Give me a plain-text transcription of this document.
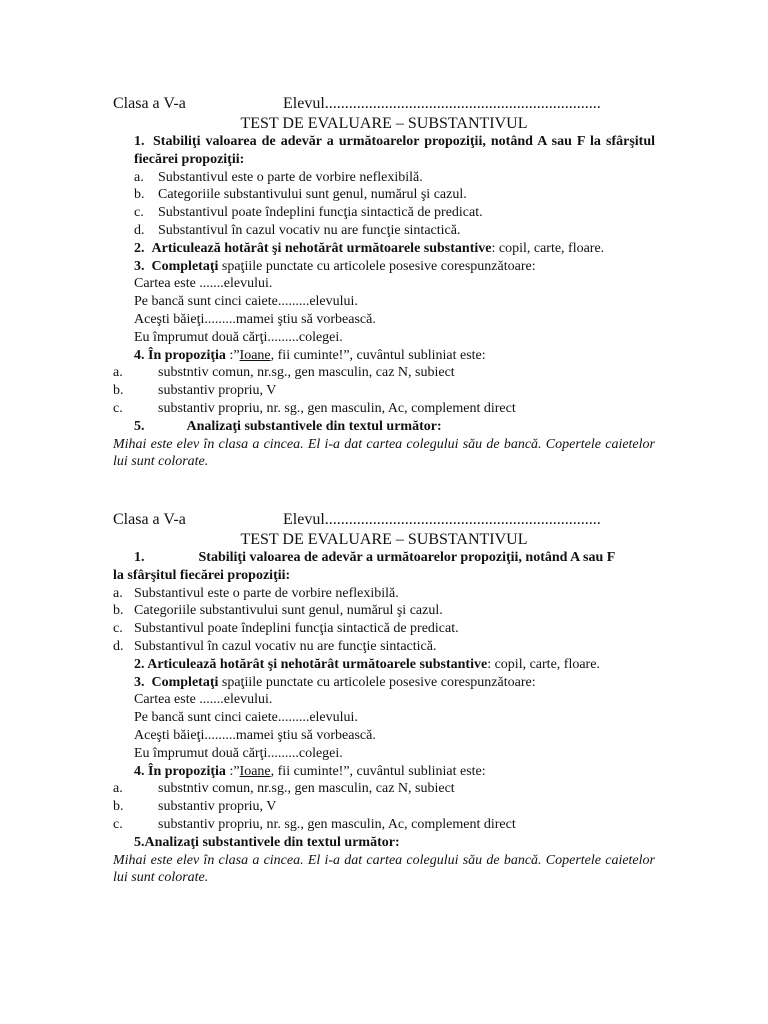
Clasa a V-a	Elevul.....................................................................
TEST DE EVALUARE – SUBSTANTIVUL
1. Stabiliţi valoarea de adevăr a următoarelor propoziţii, notând A sau F la sfârşitul fiecărei propoziţii:
a. Substantivul este o parte de vorbire neflexibilă.
b. Categoriile substantivului sunt genul, numărul şi cazul.
c. Substantivul poate îndeplini funcţia sintactică de predicat.
d. Substantivul în cazul vocativ nu are funcţie sintactică.
2. Articulează hotărât şi nehotărât următoarele substantive: copil, carte, floare.
3. Completaţi spaţiile punctate cu articolele posesive corespunzătoare:
Cartea este .......elevului.
Pe bancă sunt cinci caiete.........elevului.
Aceşti băieţi.........mamei ştiu să vorbească.
Eu împrumut două cărţi.........colegei.
4. În propoziţia :”Ioane, fii cuminte!”, cuvântul subliniat este:
a.	substntiv comun, nr.sg., gen masculin, caz N, subiect
b. substantiv propriu, V
c.	substantiv propriu, nr. sg., gen masculin, Ac, complement direct
5.	Analizaţi substantivele din textul următor:
Mihai este elev în clasa a cincea. El i-a dat cartea colegului său de bancă. Copertele caietelor lui sunt colorate.
Clasa a V-a	Elevul.....................................................................
TEST DE EVALUARE – SUBSTANTIVUL
1.	Stabiliţi valoarea de adevăr a următoarelor propoziţii, notând A sau F
la sfârşitul fiecărei propoziţii:
a. Substantivul este o parte de vorbire neflexibilă.
b. Categoriile substantivului sunt genul, numărul şi cazul.
c. Substantivul poate îndeplini funcţia sintactică de predicat.
d. Substantivul în cazul vocativ nu are funcţie sintactică.
2. Articulează hotărât şi nehotărât următoarele substantive: copil, carte, floare.
3. Completaţi spaţiile punctate cu articolele posesive corespunzătoare:
Cartea este .......elevului.
Pe bancă sunt cinci caiete.........elevului.
Aceşti băieţi.........mamei ştiu să vorbească.
Eu împrumut două cărţi.........colegei.
4. În propoziţia :”Ioane, fii cuminte!”, cuvântul subliniat este:
a.	substntiv comun, nr.sg., gen masculin, caz N, subiect
b. substantiv propriu, V
c.	substantiv propriu, nr. sg., gen masculin, Ac, complement direct
5.Analizaţi substantivele din textul următor:
Mihai este elev în clasa a cincea. El i-a dat cartea colegului său de bancă. Copertele caietelor lui sunt colorate.
